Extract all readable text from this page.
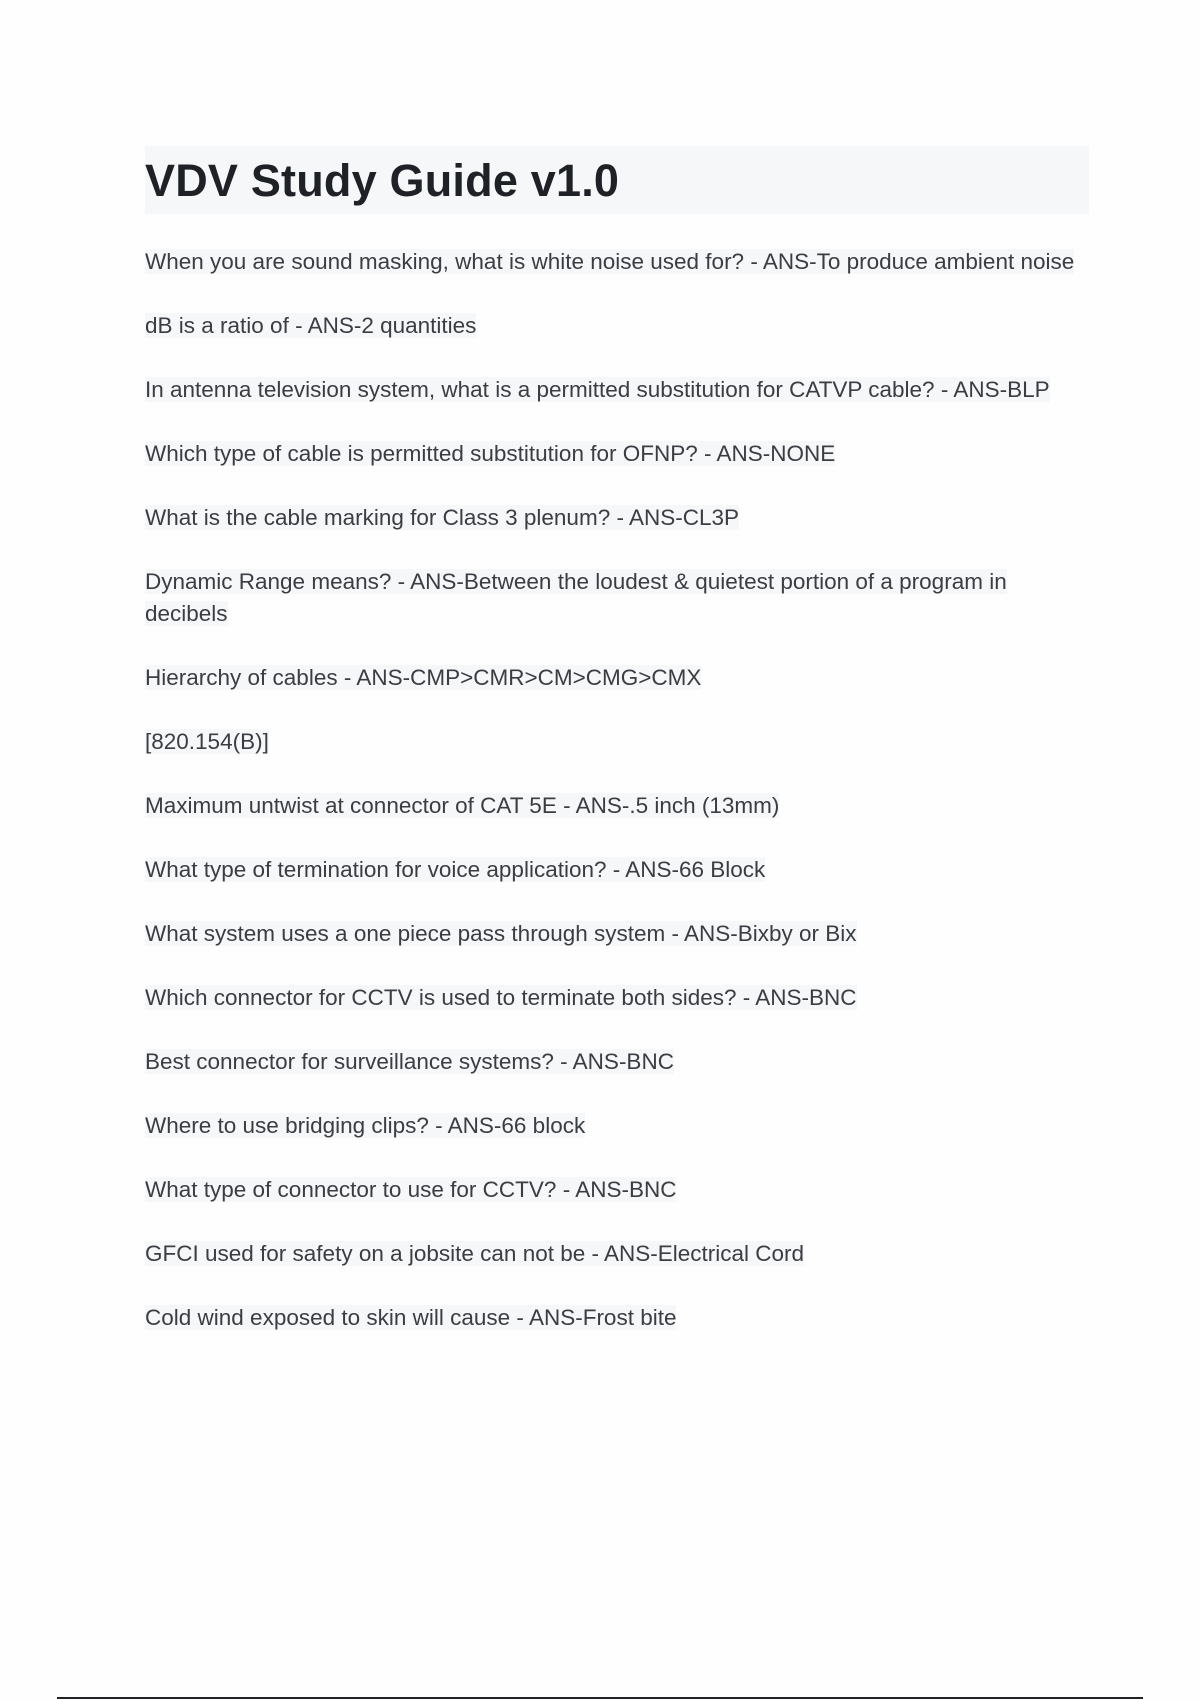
VDV Study Guide v1.0
When you are sound masking, what is white noise used for? - ANS-To produce ambient noise
dB is a ratio of - ANS-2 quantities
In antenna television system, what is a permitted substitution for CATVP cable? - ANS-BLP
Which type of cable is permitted substitution for OFNP? - ANS-NONE
What is the cable marking for Class 3 plenum? - ANS-CL3P
Dynamic Range means? - ANS-Between the loudest & quietest portion of a program in decibels
Hierarchy of cables - ANS-CMP>CMR>CM>CMG>CMX
[820.154(B)]
Maximum untwist at connector of CAT 5E - ANS-.5 inch (13mm)
What type of termination for voice application? - ANS-66 Block
What system uses a one piece pass through system - ANS-Bixby or Bix
Which connector for CCTV is used to terminate both sides? - ANS-BNC
Best connector for surveillance systems? - ANS-BNC
Where to use bridging clips? - ANS-66 block
What type of connector to use for CCTV? - ANS-BNC
GFCI used for safety on a jobsite can not be - ANS-Electrical Cord
Cold wind exposed to skin will cause - ANS-Frost bite
